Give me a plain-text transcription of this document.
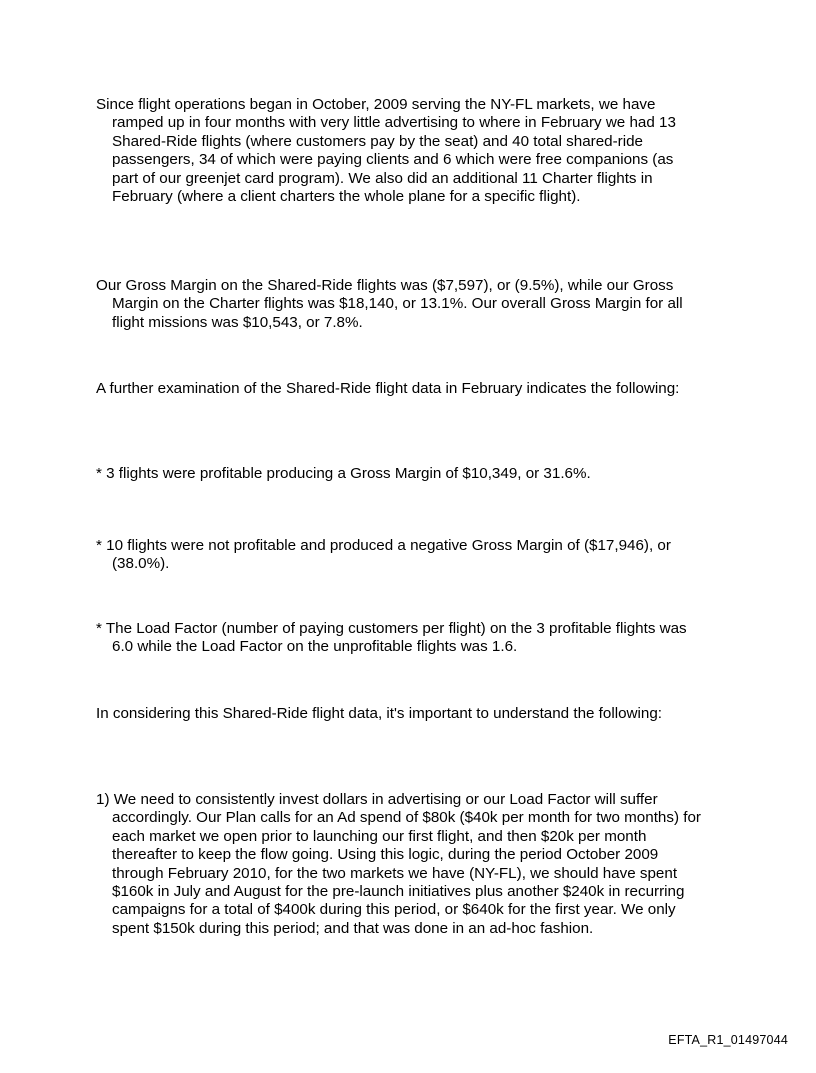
Since flight operations began in October, 2009 serving the NY-FL markets, we have ramped up in four months with very little advertising to where in February we had 13 Shared-Ride flights (where customers pay by the seat) and 40 total shared-ride passengers, 34 of which were paying clients and 6 which were free companions (as part of our greenjet card program). We also did an additional 11 Charter flights in February (where a client charters the whole plane for a specific flight).

Our Gross Margin on the Shared-Ride flights was ($7,597), or (9.5%), while our Gross Margin on the Charter flights was $18,140, or 13.1%. Our overall Gross Margin for all flight missions was $10,543, or 7.8%.

A further examination of the Shared-Ride flight data in February indicates the following:

* 3 flights were profitable producing a Gross Margin of $10,349, or 31.6%.

* 10 flights were not profitable and produced a negative Gross Margin of ($17,946), or (38.0%).

* The Load Factor (number of paying customers per flight) on the 3 profitable flights was 6.0 while the Load Factor on the unprofitable flights was 1.6.

In considering this Shared-Ride flight data, it's important to understand the following:

1) We need to consistently invest dollars in advertising or our Load Factor will suffer accordingly. Our Plan calls for an Ad spend of $80k ($40k per month for two months) for each market we open prior to launching our first flight, and then $20k per month thereafter to keep the flow going. Using this logic, during the period October 2009 through February 2010, for the two markets we have (NY-FL), we should have spent $160k in July and August for the pre-launch initiatives plus another $240k in recurring campaigns for a total of $400k during this period, or $640k for the first year. We only spent $150k during this period; and that was done in an ad-hoc fashion.

EFTA_R1_01497044
